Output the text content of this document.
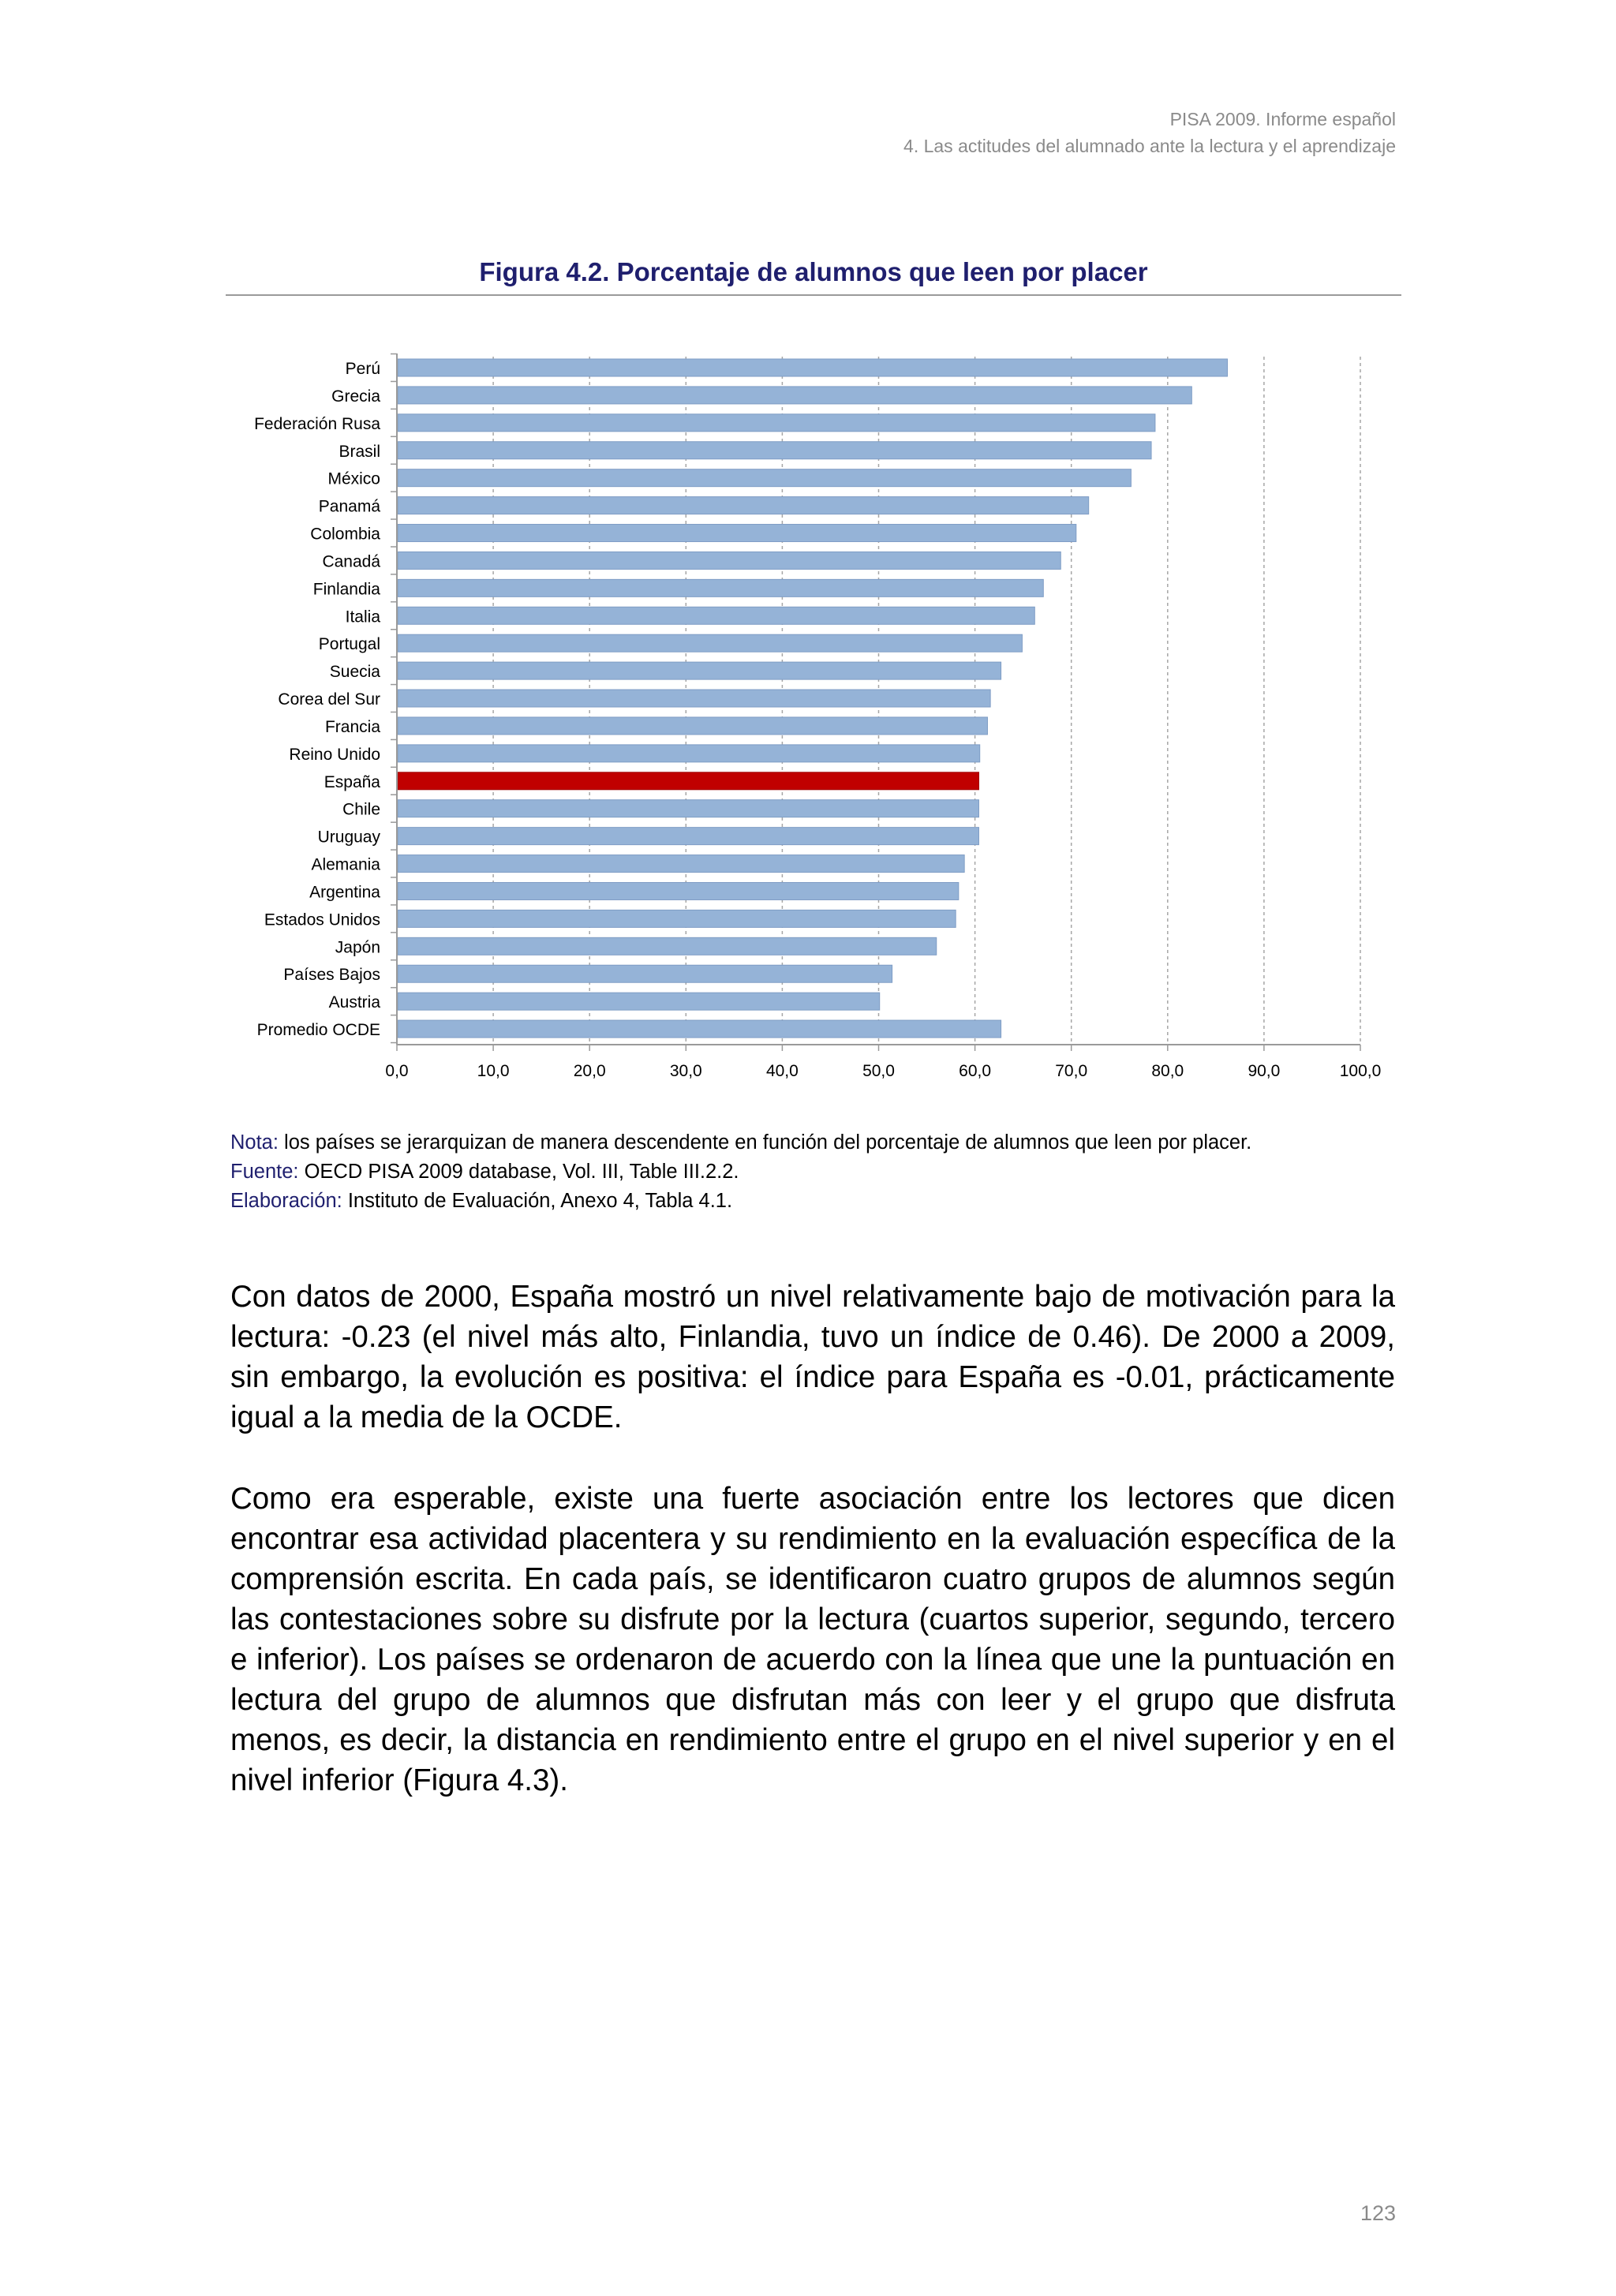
PISA 2009. Informe español
4. Las actitudes del alumnado ante la lectura y el aprendizaje
Figura 4.2. Porcentaje de alumnos que leen por placer
Perú
Grecia
Federación Rusa
Brasil
México
Panamá
Colombia
Canadá
Finlandia
Italia
Portugal
Suecia
Corea del Sur
Francia
Reino Unido
España
Chile
Uruguay
Alemania
Argentina
Estados Unidos
Japón
Países Bajos
Austria
Promedio OCDE
0,0	10,0	20,0	30,0	40,0	50,0	60,0	70,0	80,0	90,0	100,0
Nota: los países se jerarquizan de manera descendente en función del porcentaje de alumnos que leen por placer.
Fuente: OECD PISA 2009 database, Vol. III, Table III.2.2.
Elaboración: Instituto de Evaluación, Anexo 4, Tabla 4.1.
Con datos de 2000, España mostró un nivel relativamente bajo de motivación para la lectura: -0.23 (el nivel más alto, Finlandia, tuvo un índice de 0.46). De 2000 a 2009, sin embargo, la evolución es positiva: el índice para España es -0.01, prácticamente igual a la media de la OCDE.
Como era esperable, existe una fuerte asociación entre los lectores que dicen encontrar esa actividad placentera y su rendimiento en la evaluación específica de la comprensión escrita. En cada país, se identificaron cuatro grupos de alumnos según las contestaciones sobre su disfrute por la lectura (cuartos superior, segundo, tercero e inferior). Los países se ordenaron de acuerdo con la línea que une la puntuación en lectura del grupo de alumnos que disfrutan más con leer y el grupo que disfruta menos, es decir, la distancia en rendimiento entre el grupo en el nivel superior y en el nivel inferior (Figura 4.3).
123
